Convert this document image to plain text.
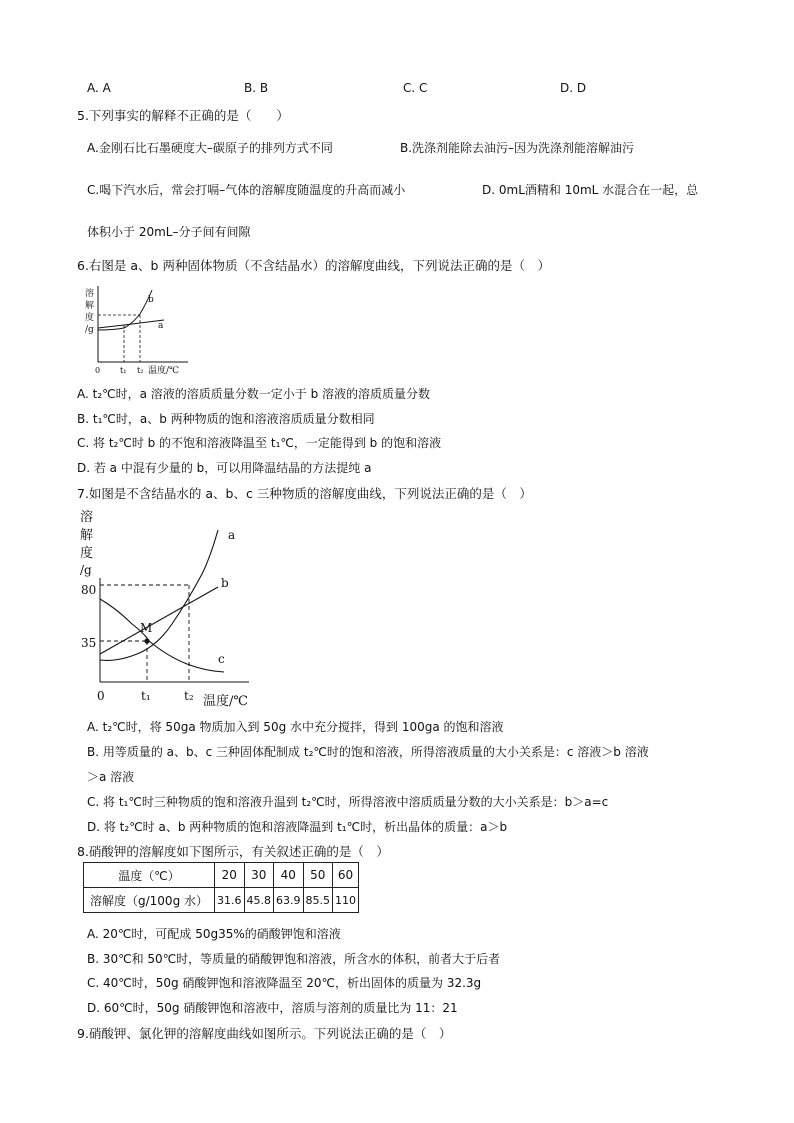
A. A	B. B	C. C	D. D
5.下列事实的解释不正确的是（　　）
A.金刚石比石墨硬度大–碳原子的排列方式不同	B.洗涤剂能除去油污–因为洗涤剂能溶解油污
C.喝下汽水后，常会打嗝–气体的溶解度随温度的升高而减小	D. 0mL酒精和 10mL 水混合在一起，总
体积小于 20mL–分子间有间隙
6.右图是 a、b 两种固体物质（不含结晶水）的溶解度曲线，下列说法正确的是（　）
溶
解
度
/g
b
a
0 t₁ t₂ 温度/℃
A. t₂℃时，a 溶液的溶质质量分数一定小于 b 溶液的溶质质量分数
B. t₁℃时，a、b 两种物质的饱和溶液溶质质量分数相同
C. 将 t₂℃时 b 的不饱和溶液降温至 t₁℃，一定能得到 b 的饱和溶液
D. 若 a 中混有少量的 b，可以用降温结晶的方法提纯 a
7.如图是不含结晶水的 a、b、c 三种物质的溶解度曲线，下列说法正确的是（　）
溶
解
度
/g
80
35
M
a
b
c
0	t₁	t₂ 温度/℃
A. t₂℃时，将 50ga 物质加入到 50g 水中充分搅拌，得到 100ga 的饱和溶液
B. 用等质量的 a、b、c 三种固体配制成 t₂℃时的饱和溶液，所得溶液质量的大小关系是：c 溶液＞b 溶液
＞a 溶液
C. 将 t₁℃时三种物质的饱和溶液升温到 t₂℃时，所得溶液中溶质质量分数的大小关系是：b＞a=c
D. 将 t₂℃时 a、b 两种物质的饱和溶液降温到 t₁℃时，析出晶体的质量：a＞b
8.硝酸钾的溶解度如下图所示，有关叙述正确的是（　）
温度（℃）	20	30	40	50	60
溶解度（g/100g 水）	31.6	45.8	63.9	85.5	110
A. 20℃时，可配成 50g35%的硝酸钾饱和溶液
B. 30℃和 50℃时，等质量的硝酸钾饱和溶液，所含水的体积，前者大于后者
C. 40℃时，50g 硝酸钾饱和溶液降温至 20℃，析出固体的质量为 32.3g
D. 60℃时，50g 硝酸钾饱和溶液中，溶质与溶剂的质量比为 11：21
9.硝酸钾、氯化钾的溶解度曲线如图所示。下列说法正确的是（　）
